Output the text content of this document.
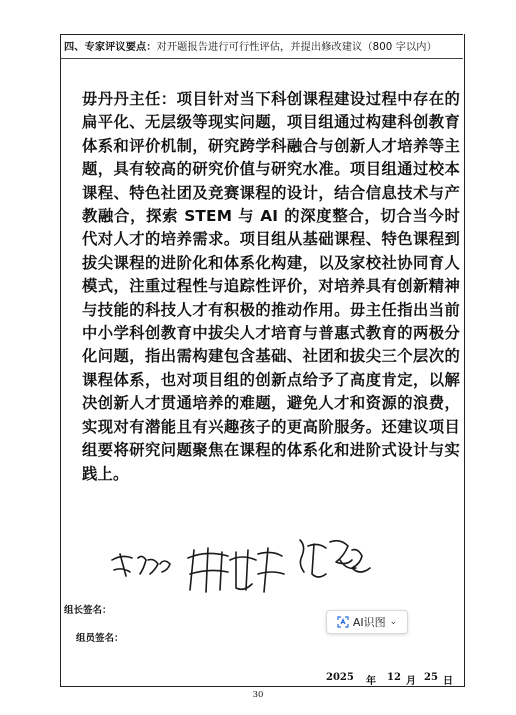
四、专家评议要点：对开题报告进行可行性评估，并提出修改建议（800 字以内）
毋丹丹主任：项目针对当下科创课程建设过程中存在的扁平化、无层级等现实问题，项目组通过构建科创教育体系和评价机制，研究跨学科融合与创新人才培养等主题，具有较高的研究价值与研究水准。项目组通过校本课程、特色社团及竞赛课程的设计，结合信息技术与产教融合，探索 STEM 与 AI 的深度整合，切合当今时代对人才的培养需求。项目组从基础课程、特色课程到拔尖课程的进阶化和体系化构建，以及家校社协同育人模式，注重过程性与追踪性评价，对培养具有创新精神与技能的科技人才有积极的推动作用。毋主任指出当前中小学科创教育中拔尖人才培育与普惠式教育的两极分化问题，指出需构建包含基础、社团和拔尖三个层次的课程体系，也对项目组的创新点给予了高度肯定，以解决创新人才贯通培养的难题，避免人才和资源的浪费，实现对有潜能且有兴趣孩子的更高阶服务。还建议项目组要将研究问题聚焦在课程的体系化和进阶式设计与实践上。
组长签名：
组员签名：
AI识图 ⌄
2025 年 12 月 25 日
30
